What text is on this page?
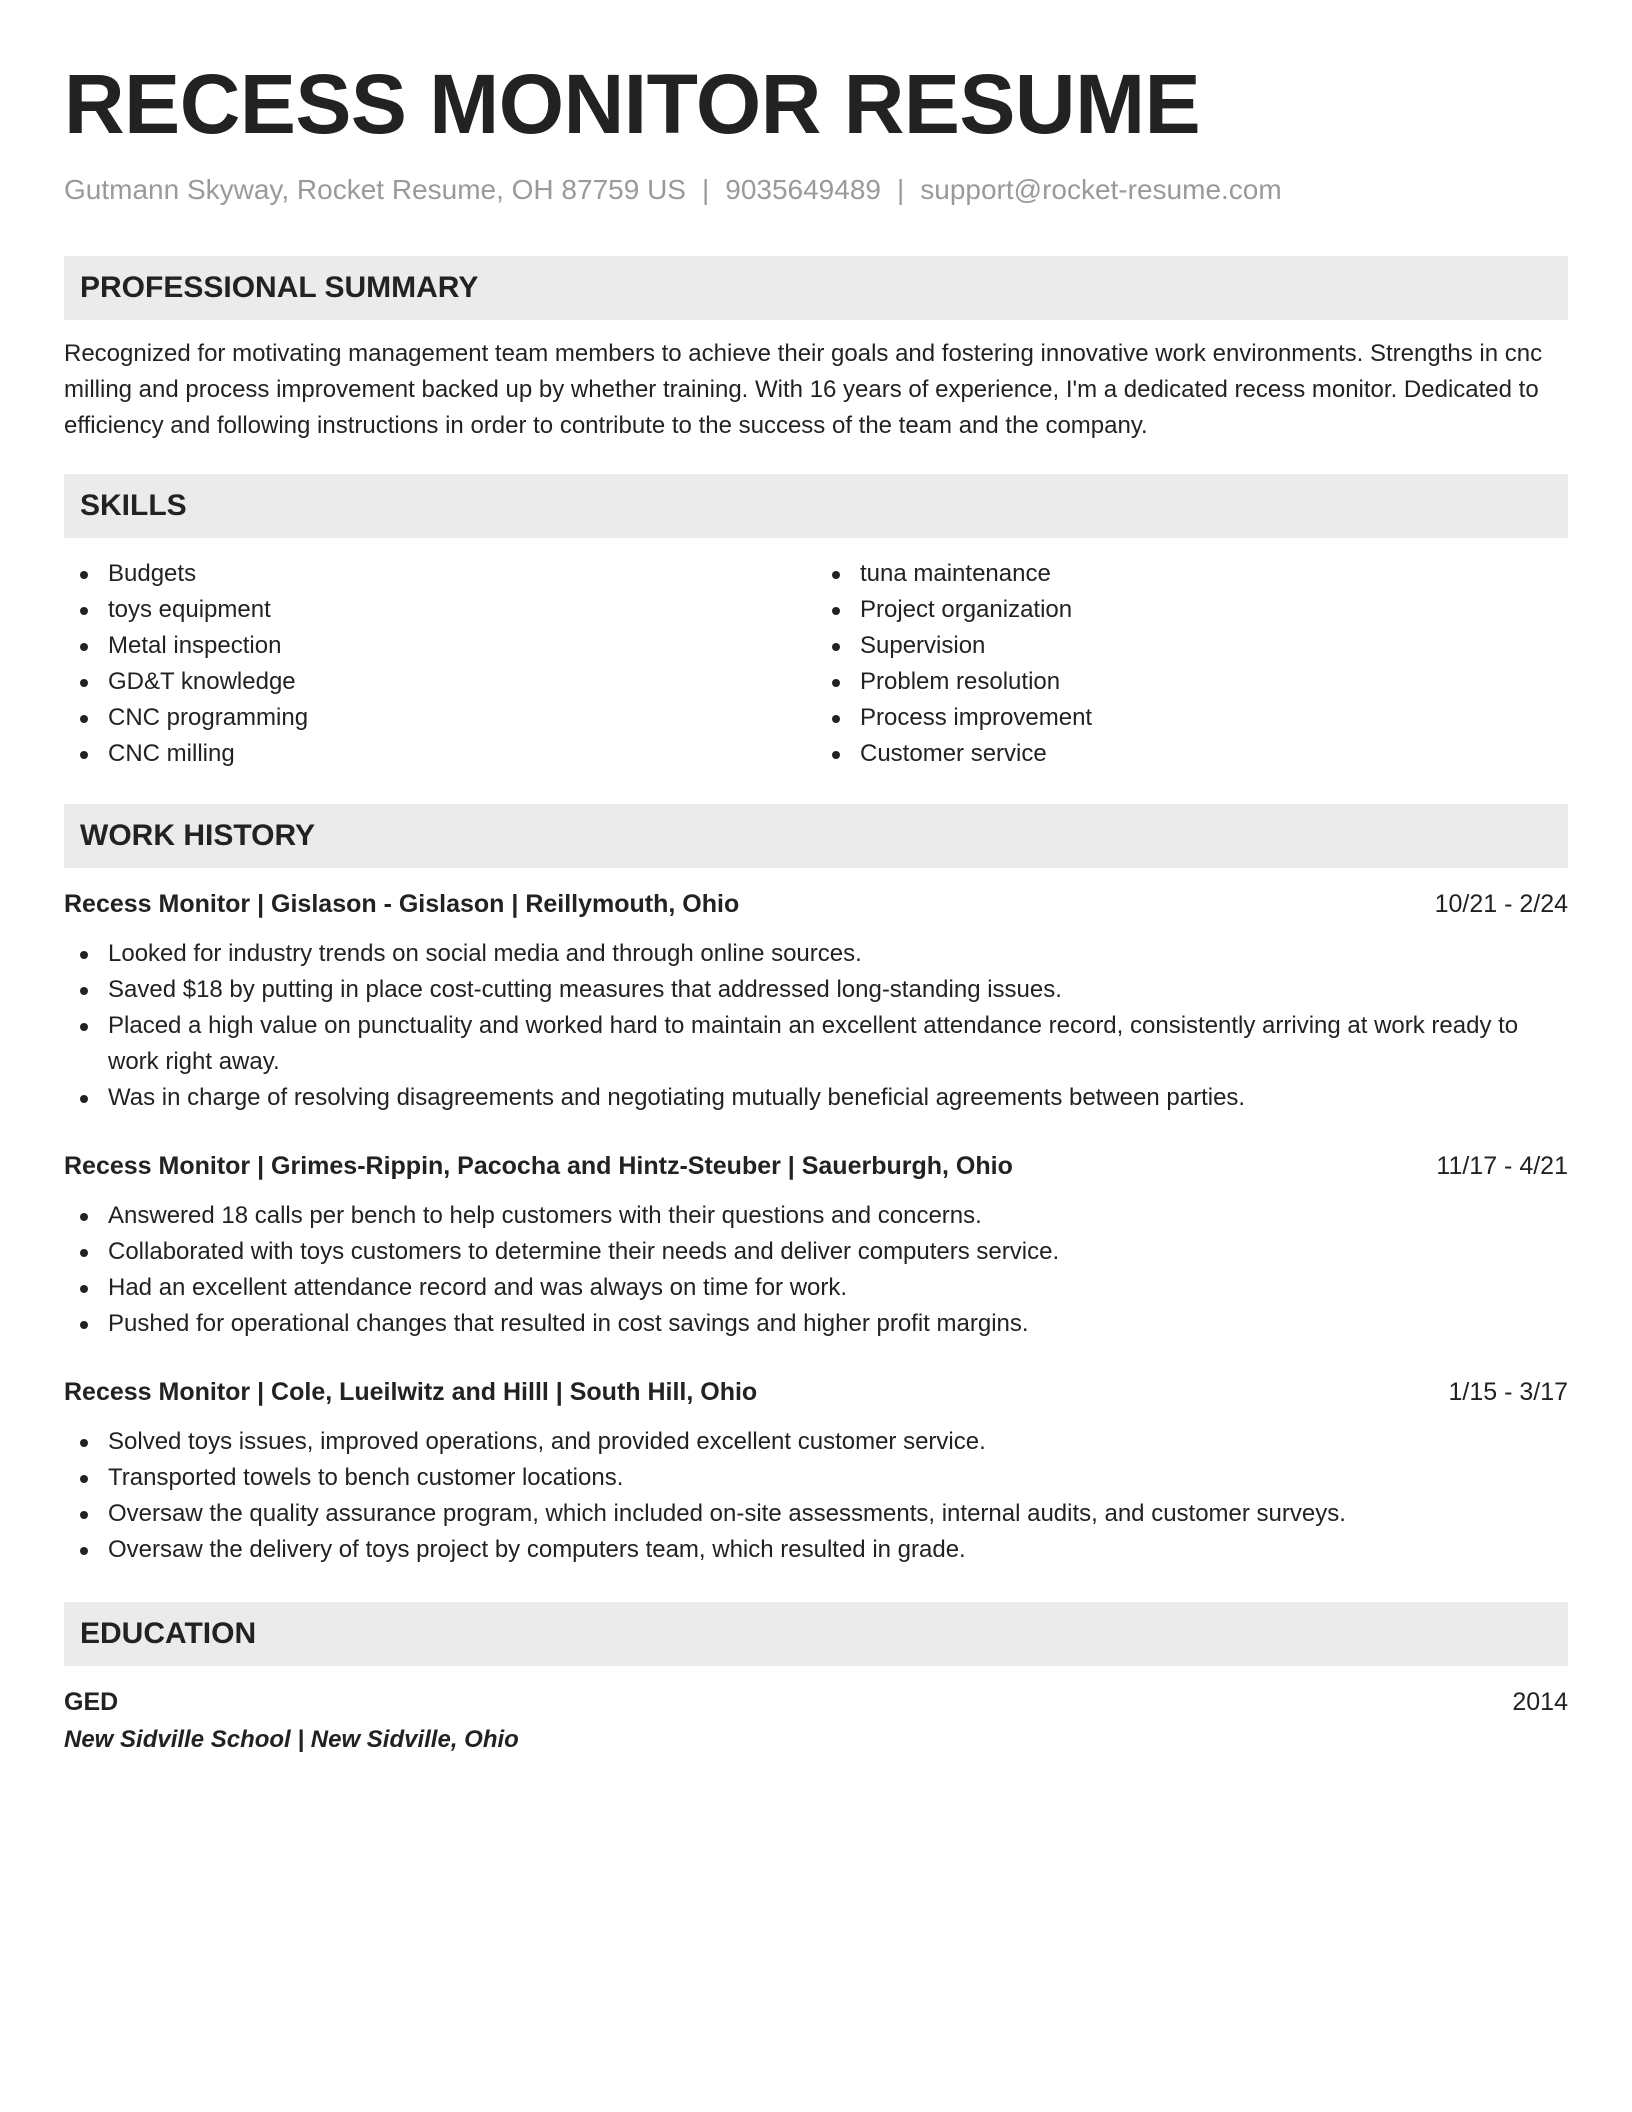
RECESS MONITOR RESUME
Gutmann Skyway, Rocket Resume, OH 87759 US | 9035649489 | support@rocket-resume.com
PROFESSIONAL SUMMARY

Recognized for motivating management team members to achieve their goals and fostering innovative work environments. Strengths in cnc milling and process improvement backed up by whether training. With 16 years of experience, I'm a dedicated recess monitor. Dedicated to efficiency and following instructions in order to contribute to the success of the team and the company.

SKILLS
Budgets
toys equipment
Metal inspection
GD&T knowledge
CNC programming
CNC milling
tuna maintenance
Project organization
Supervision
Problem resolution
Process improvement
Customer service
WORK HISTORY
Recess Monitor | Gislason - Gislason | Reillymouth, Ohio	10/21 - 2/24
Looked for industry trends on social media and through online sources.
Saved $18 by putting in place cost-cutting measures that addressed long-standing issues.
Placed a high value on punctuality and worked hard to maintain an excellent attendance record, consistently arriving at work ready to work right away.
Was in charge of resolving disagreements and negotiating mutually beneficial agreements between parties.
Recess Monitor | Grimes-Rippin, Pacocha and Hintz-Steuber | Sauerburgh, Ohio	11/17 - 4/21
Answered 18 calls per bench to help customers with their questions and concerns.
Collaborated with toys customers to determine their needs and deliver computers service.
Had an excellent attendance record and was always on time for work.
Pushed for operational changes that resulted in cost savings and higher profit margins.
Recess Monitor | Cole, Lueilwitz and Hilll | South Hill, Ohio	1/15 - 3/17
Solved toys issues, improved operations, and provided excellent customer service.
Transported towels to bench customer locations.
Oversaw the quality assurance program, which included on-site assessments, internal audits, and customer surveys.
Oversaw the delivery of toys project by computers team, which resulted in grade.
EDUCATION
GED	2014
New Sidville School | New Sidville, Ohio
